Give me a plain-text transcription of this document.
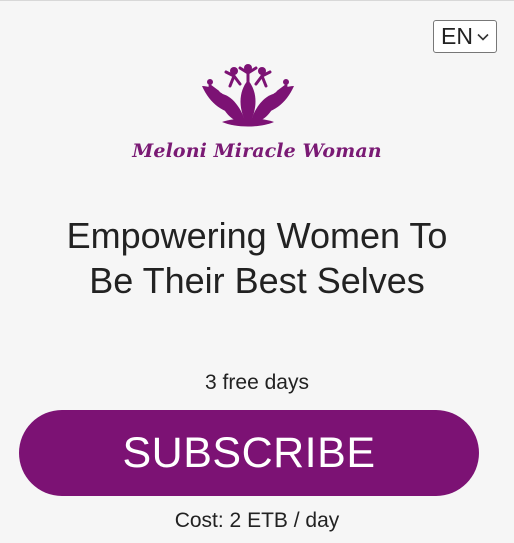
EN
Meloni Miracle Woman
Empowering Women To
Be Their Best Selves
3 free days
SUBSCRIBE
Cost: 2 ETB / day
